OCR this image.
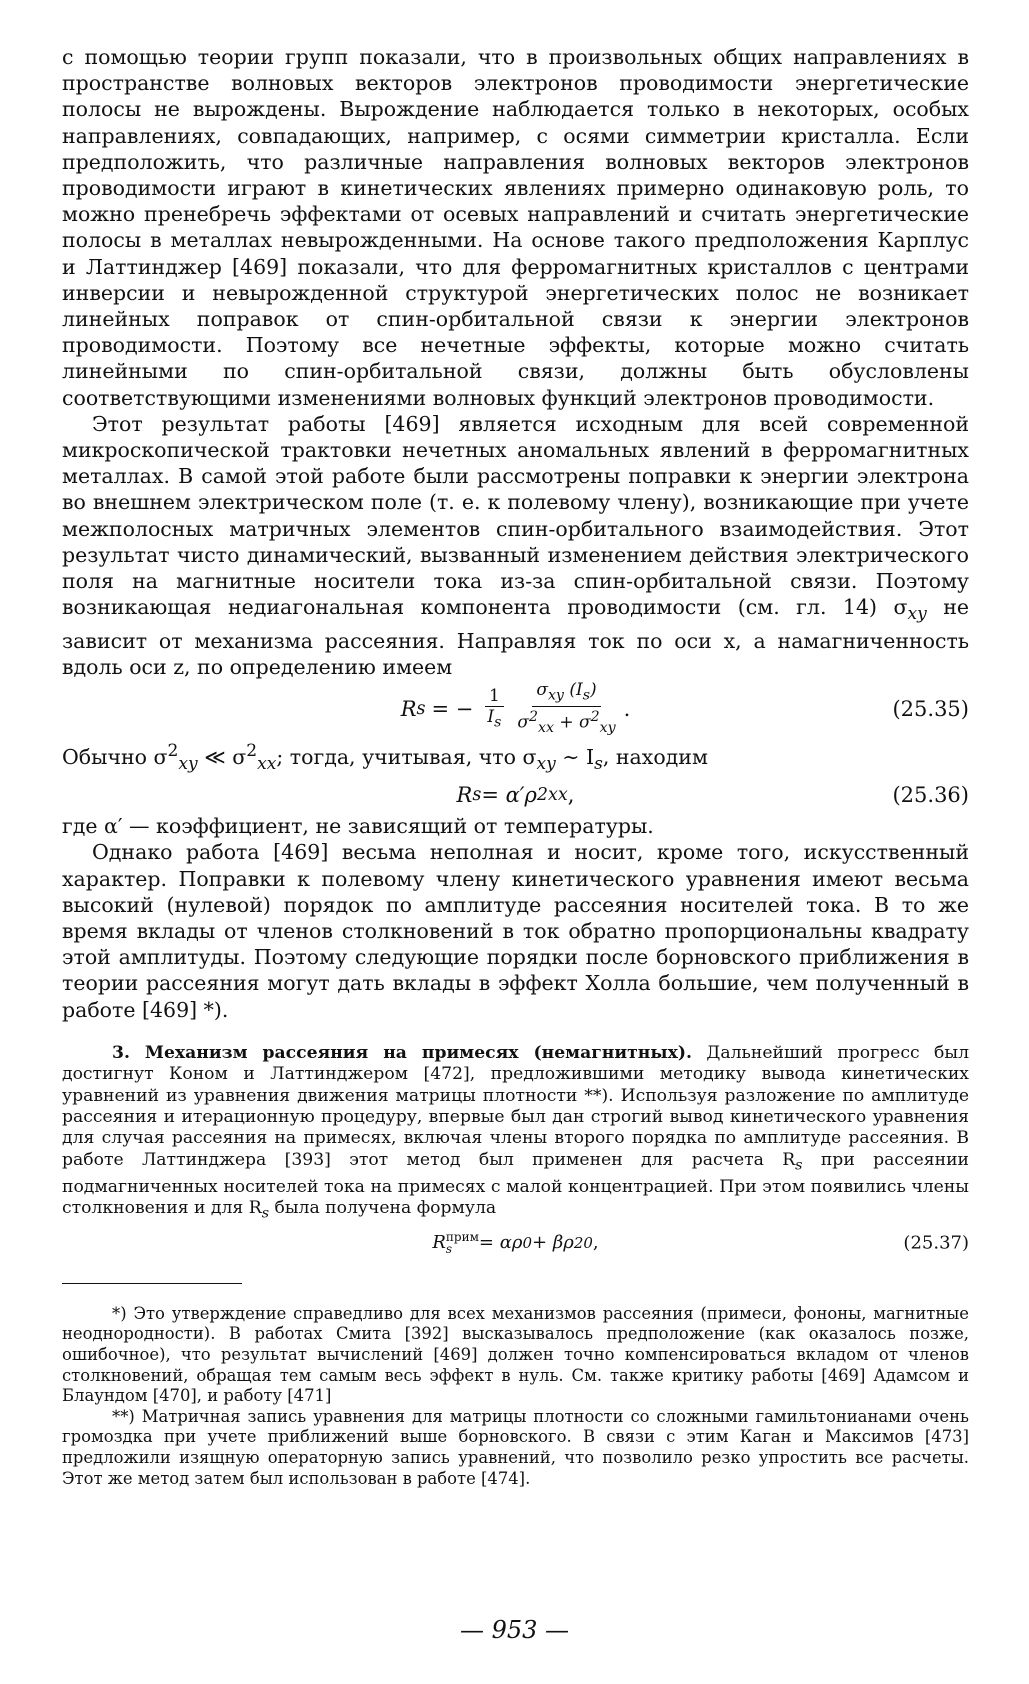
с помощью теории групп показали, что в произвольных общих направлениях в пространстве волновых векторов электронов проводимости энергетические полосы не вырождены. Вырождение наблюдается только в некоторых, особых направлениях, совпадающих, например, с осями симметрии кристалла. Если предположить, что различные направления волновых векторов электронов проводимости играют в кинетических явлениях примерно одинаковую роль, то можно пренебречь эффектами от осевых направлений и считать энергетические полосы в металлах невырожденными. На основе такого предположения Карплус и Латтинджер [469] показали, что для ферромагнитных кристаллов с центрами инверсии и невырожденной структурой энергетических полос не возникает линейных поправок от спин-орбитальной связи к энергии электронов проводимости. Поэтому все нечетные эффекты, которые можно считать линейными по спин-орбитальной связи, должны быть обусловлены соответствующими изменениями волновых функций электронов проводимости.

Этот результат работы [469] является исходным для всей современной микроскопической трактовки нечетных аномальных явлений в ферромагнитных металлах. В самой этой работе были рассмотрены поправки к энергии электрона во внешнем электрическом поле (т. е. к полевому члену), возникающие при учете межполосных матричных элементов спин-орбитального взаимодействия. Этот результат чисто динамический, вызванный изменением действия электрического поля на магнитные носители тока из-за спин-орбитальной связи. Поэтому возникающая недиагональная компонента проводимости (см. гл. 14) $\sigma_{xy}$ не зависит от механизма рассеяния. Направляя ток по оси x, а намагниченность вдоль оси z, по определению имеем

R s = − $\frac{1}{I_s} \frac{\sigma_{xy} (I_s)}{\sigma^2_{xx} + \sigma^2_{xy}}$ .	(25.35)

Обычно $\sigma^2_{xy}$ ≪ $\sigma^2_{xx}$; тогда, учитывая, что $\sigma_{xy}$ ∼ $I_s$, находим

R s = α′ρ 2 xx ,	(25.36)

где α′ — коэффициент, не зависящий от температуры.

Однако работа [469] весьма неполная и носит, кроме того, искусственный характер. Поправки к полевому члену кинетического уравнения имеют весьма высокий (нулевой) порядок по амплитуде рассеяния носителей тока. В то же время вклады от членов столкновений в ток обратно пропорциональны квадрату этой амплитуды. Поэтому следующие порядки после борновского приближения в теории рассеяния могут дать вклады в эффект Холла большие, чем полученный в работе [469] *).

3. Механизм рассеяния на примесях (немагнитных). Дальнейший прогресс был достигнут Коном и Латтинджером [472], предложившими методику вывода кинетических уравнений из уравнения движения матрицы плотности **). Используя разложение по амплитуде рассеяния и итерационную процедуру, впервые был дан строгий вывод кинетического уравнения для случая рассеяния на примесях, включая члены второго порядка по амплитуде рассеяния. В работе Латтинджера [393] этот метод был применен для расчета $R_s$ при рассеянии подмагниченных носителей тока на примесях с малой концентрацией. При этом появились члены столкновения и для $R_s$ была получена формула

R прим
s	= αρ 0 + βρ 2 0 ,	(25.37)

*) Это утверждение справедливо для всех механизмов рассеяния (примеси, фононы, магнитные неоднородности). В работах Смита [392] высказывалось предположение (как оказалось позже, ошибочное), что результат вычислений [469] должен точно компенсироваться вкладом от членов столкновений, обращая тем самым весь эффект в нуль. См. также критику работы [469] Адамсом и Блаундом [470], и работу [471]

**) Матричная запись уравнения для матрицы плотности со сложными гамильтонианами очень громоздка при учете приближений выше борновского. В связи с этим Каган и Максимов [473] предложили изящную операторную запись уравнений, что позволило резко упростить все расчеты. Этот же метод затем был использован в работе [474].

— 953 —
